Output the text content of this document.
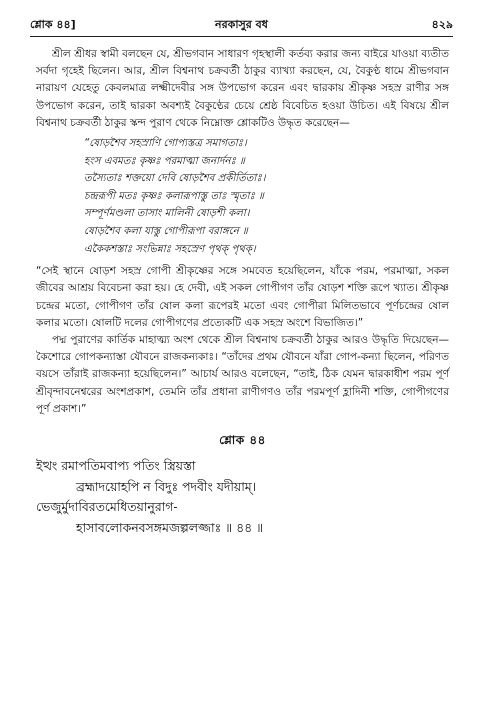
শ্লোক ৪৪]	নরকাসুর বধ	৪২৯

শ্রীল শ্রীধর স্বামী বলছেন যে, শ্রীভগবান সাধারণ গৃহস্থালী কর্তব্য করার জন্য বাইরে যাওয়া ব্যতীত সর্বদা গৃহেই ছিলেন। আর, শ্রীল বিশ্বনাথ চক্রবর্তী ঠাকুর ব্যাখ্যা করছেন, যে, বৈকুণ্ঠ ধামে শ্রীভগবান নারায়ণ যেহেতু কেবলমাত্র লক্ষ্মীদেবীর সঙ্গ উপভোগ করেন এবং দ্বারকায় শ্রীকৃষ্ণ সহস্র রাণীর সঙ্গ উপভোগ করেন, তাই দ্বারকা অবশ্যই বৈকুণ্ঠের চেয়ে শ্রেষ্ঠ বিবেচিত হওয়া উচিত। এই বিষয়ে শ্রীল বিশ্বনাথ চক্রবর্তী ঠাকুর স্কন্দ পুরাণ থেকে নিম্নোক্ত শ্লোকটিও উদ্ধৃত করেছেন—

“ষোড়শৈব সহস্রাণি গোপ্যস্তত্র সমাগতাঃ।
হংস এবমতঃ কৃষ্ণঃ পরমাত্মা জনার্দনঃ ॥
তস্যৈতাঃ শক্তয়ো দেবি ষোড়শৈব প্রকীর্তিতাঃ।
চন্দ্ররূপী মতঃ কৃষ্ণঃ কলারূপাস্তু তাঃ স্মৃতাঃ ॥
সম্পূর্ণমণ্ডলা তাসাং মালিনী ষোড়শী কলা।
ষোড়শৈব কলা যাস্তু গোপীরূপা বরাঙ্গনে ॥
একৈকশস্তাঃ সংভিন্নাঃ সহস্রেণ পৃথক্‌ পৃথক্‌।

“সেই স্থানে ষোড়শ সহস্র গোপী শ্রীকৃষ্ণের সঙ্গে সমবেত হয়েছিলেন, যাঁকে পরম, পরমাত্মা, সকল জীবের আশ্রয় বিবেচনা করা হয়। হে দেবী, এই সকল গোপীগণ তাঁর ষোড়শ শক্তি রূপে খ্যাত। শ্রীকৃষ্ণ চন্দ্রের মতো, গোপীগণ তাঁর ষোল কলা রূপেরই মতো এবং গোপীরা মিলিতভাবে পূর্ণচন্দ্রের ষোল কলার মতো। ষোলটি দলের গোপীগণের প্রত্যেকটি এক সহস্র অংশে বিভাজিত।”

পদ্ম পুরাণের কার্তিক মাহাত্ম্য অংশ থেকে শ্রীল বিশ্বনাথ চক্রবর্তী ঠাকুর আরও উদ্ধৃতি দিয়েছেন—কৈশোরে গোপকন্যাস্তা যৌবনে রাজকন্যকাঃ। “তাঁদের প্রথম যৌবনে যাঁরা গোপ-কন্যা ছিলেন, পরিণত বয়সে তাঁরাই রাজকন্যা হয়েছিলেন।” আচার্য আরও বলেছেন, “তাই, ঠিক যেমন দ্বারকাধীশ পরম পূর্ণ শ্রীবৃন্দাবনেশ্বরের অংশপ্রকাশ, তেমনি তাঁর প্রধানা রাণীগণও তাঁর পরমপূর্ণ হ্লাদিনী শক্তি, গোপীগণের পূর্ণ প্রকাশ।”

শ্লোক ৪৪
ইত্থং রমাপতিমবাপ্য পতিং স্ত্রিয়স্তা
ব্রহ্মাদয়োহপি ন বিদুঃ পদবীং যদীয়াম্‌।
ভেজুর্মুদাবিরতমেধিতয়ানুরাগ-
হাসাবলোকনবসঙ্গমজল্পলজ্জাঃ ॥ ৪৪ ॥
